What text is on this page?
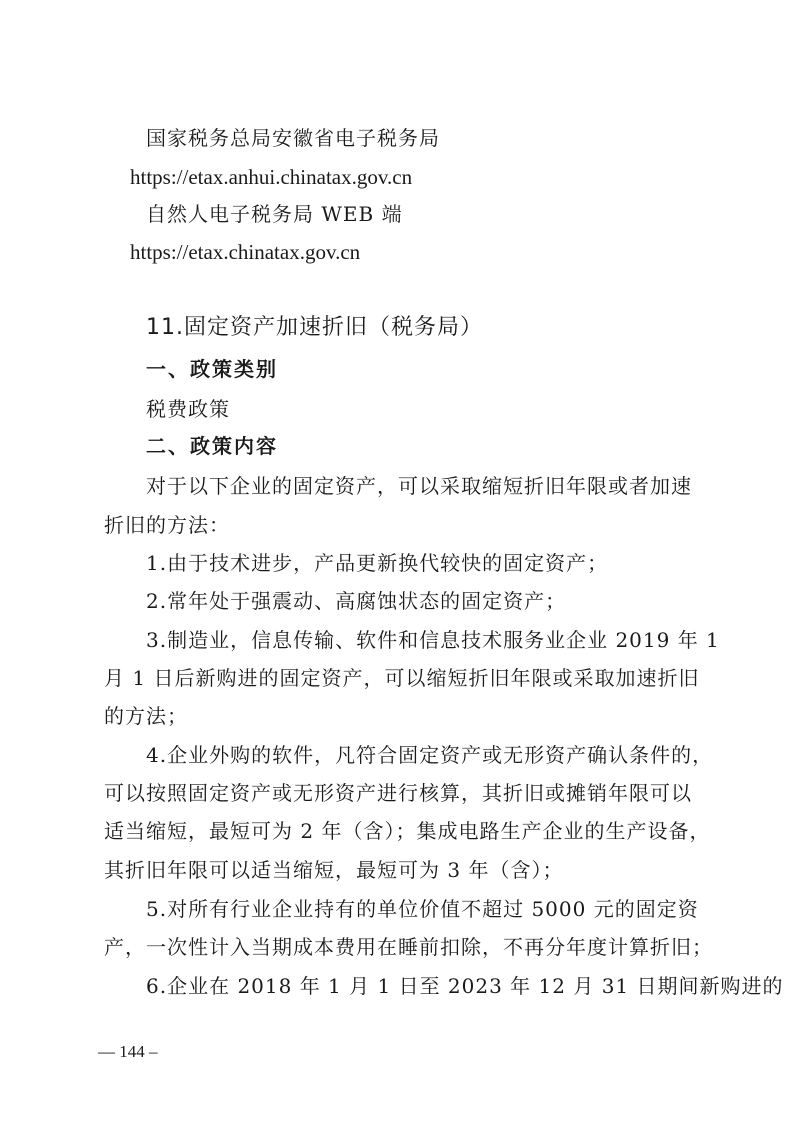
国家税务总局安徽省电子税务局
https://etax.anhui.chinatax.gov.cn
自然人电子税务局 WEB 端
https://etax.chinatax.gov.cn
11.固定资产加速折旧（税务局）
一、政策类别
税费政策
二、政策内容
对于以下企业的固定资产，可以采取缩短折旧年限或者加速
折旧的方法：
1.由于技术进步，产品更新换代较快的固定资产；
2.常年处于强震动、高腐蚀状态的固定资产；
3.制造业，信息传输、软件和信息技术服务业企业 2019 年 1
月 1 日后新购进的固定资产，可以缩短折旧年限或采取加速折旧
的方法；
4.企业外购的软件，凡符合固定资产或无形资产确认条件的，
可以按照固定资产或无形资产进行核算，其折旧或摊销年限可以
适当缩短，最短可为 2 年（含）；集成电路生产企业的生产设备，
其折旧年限可以适当缩短，最短可为 3 年（含）；
5.对所有行业企业持有的单位价值不超过 5000 元的固定资
产，一次性计入当期成本费用在睡前扣除，不再分年度计算折旧；
6.企业在 2018 年 1 月 1 日至 2023 年 12 月 31 日期间新购进的
— 144 –
